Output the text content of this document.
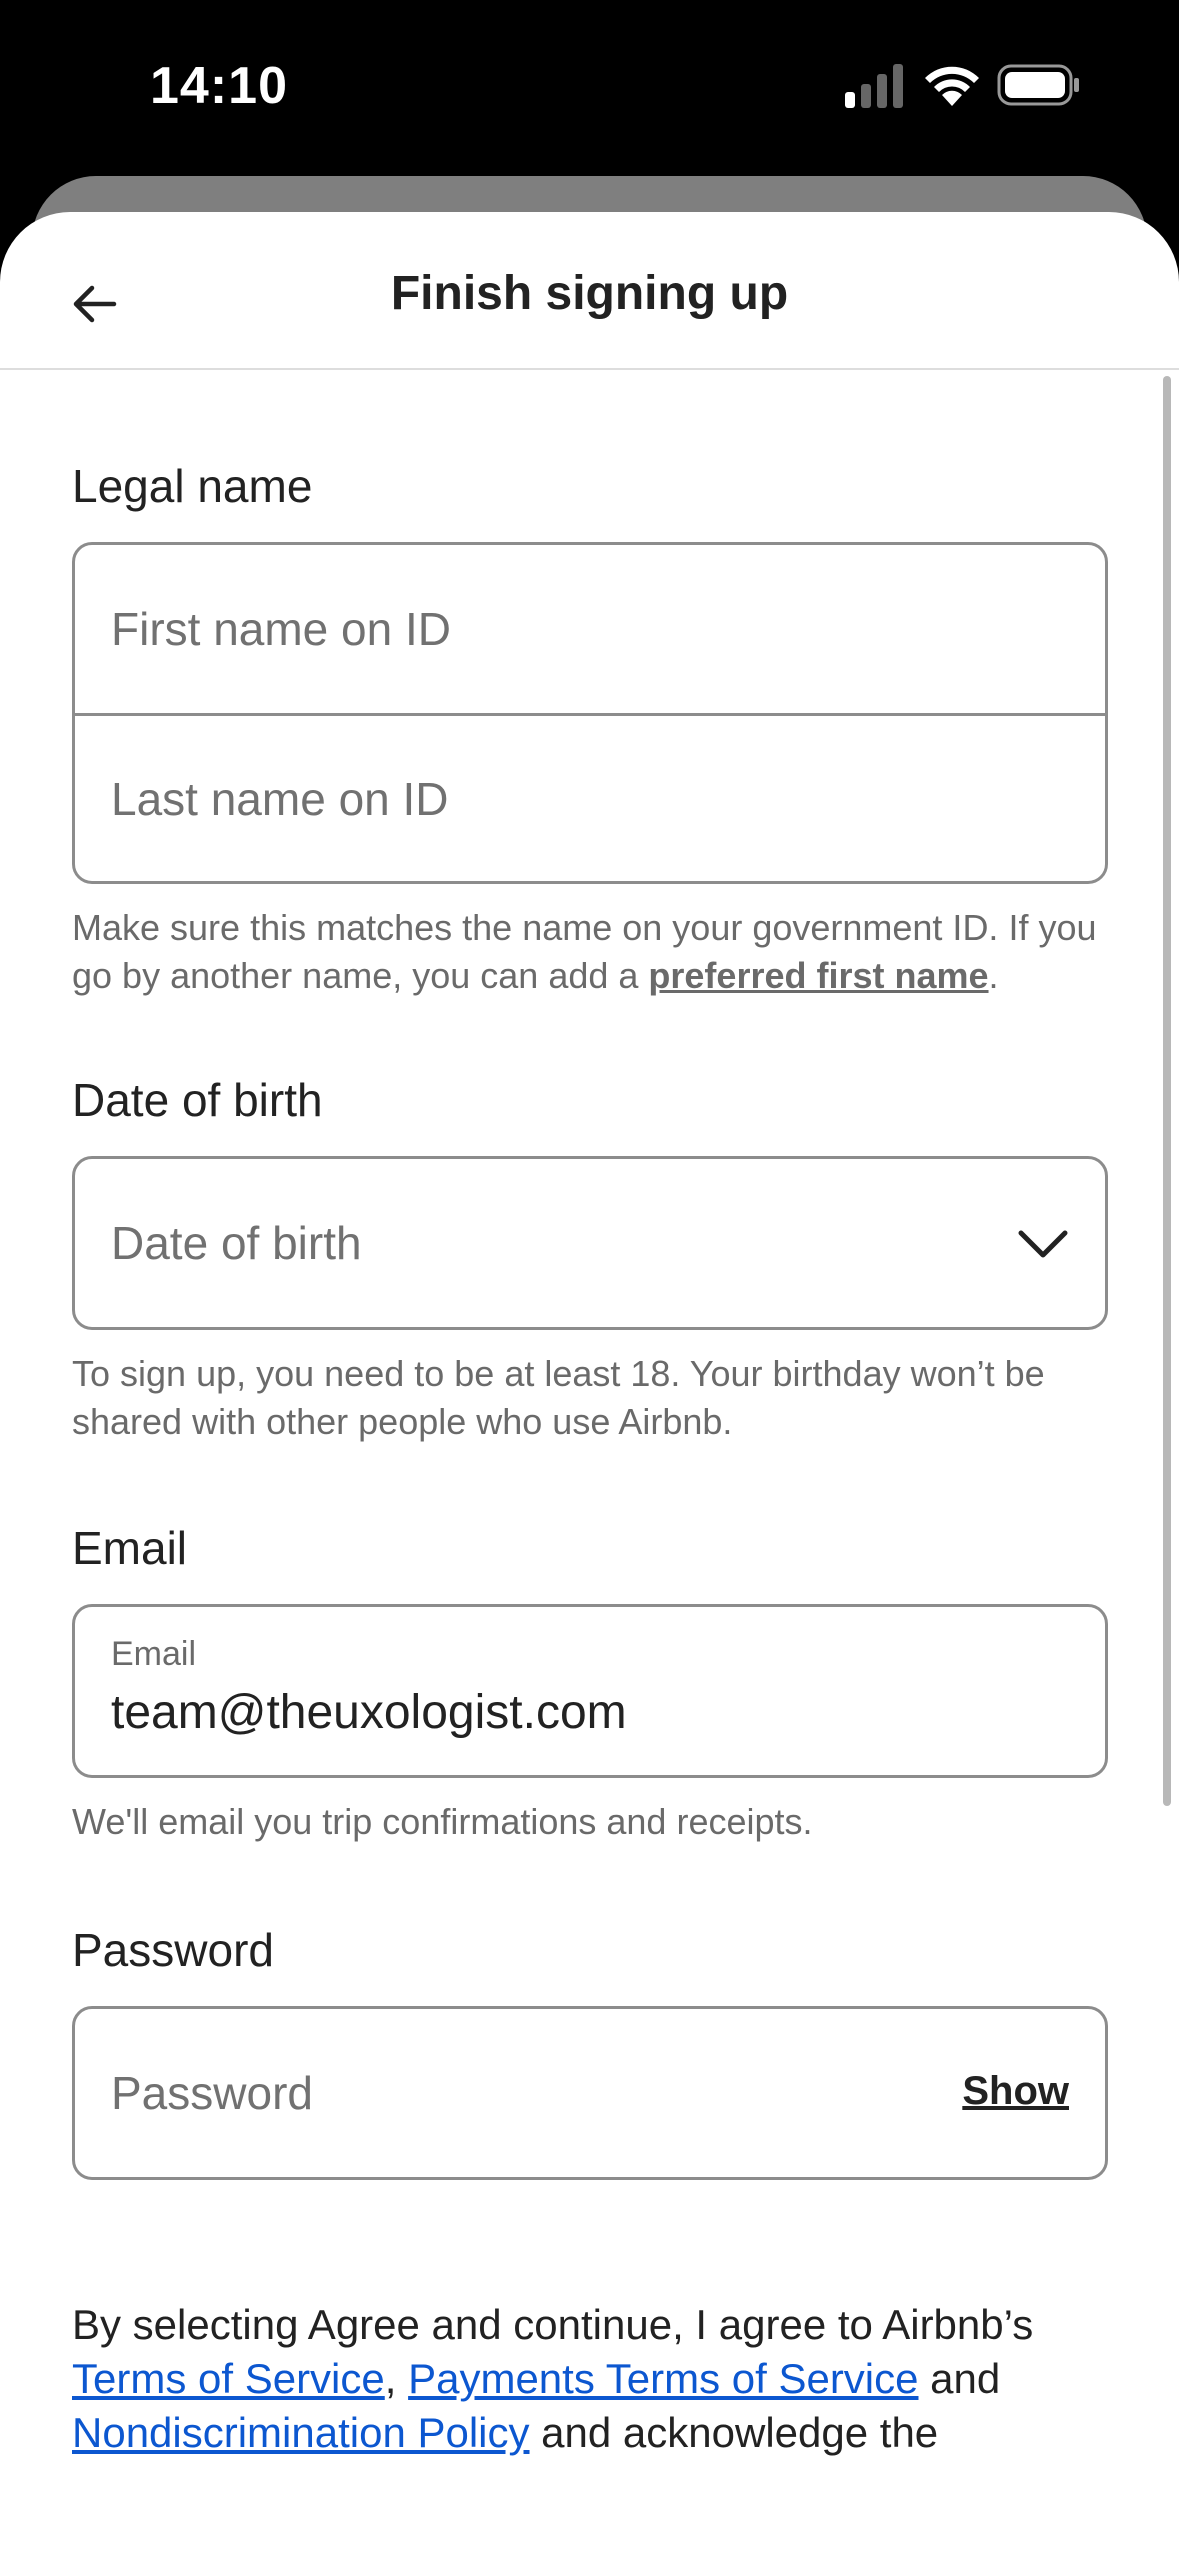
14:10
Finish signing up
Legal name
First name on ID
Last name on ID
Make sure this matches the name on your government ID. If you go by another name, you can add a preferred first name.
Date of birth
Date of birth
To sign up, you need to be at least 18. Your birthday won’t be shared with other people who use Airbnb.
Email
Email
team@theuxologist.com
We'll email you trip confirmations and receipts.
Password
Password	Show
By selecting Agree and continue, I agree to Airbnb’s Terms of Service, Payments Terms of Service and Nondiscrimination Policy and acknowledge the
